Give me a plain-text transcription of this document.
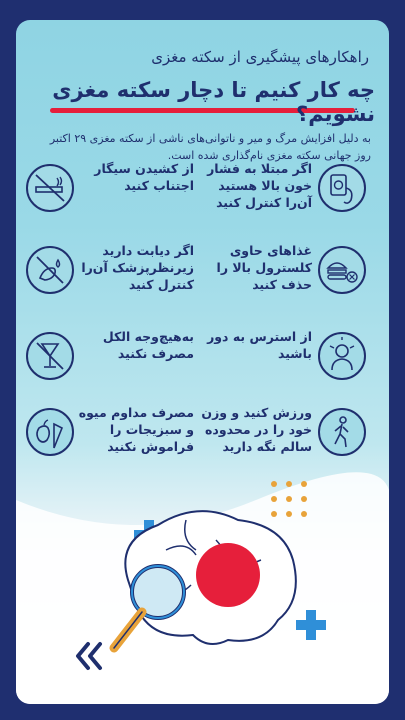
راهکارهای پیشگیری از سکته مغزی
چه کار کنیم تا دچار سکته مغزی نشویم؟
به دلیل افزایش مرگ و میر و ناتوانی‌های ناشی از سکته مغزی ۲۹ اکتبر روز جهانی سکته مغزی نام‌گذاری شده است.
اگر مبتلا به فشار خون بالا هستید آن‌را کنترل کنید
از کشیدن سیگار اجتناب کنید
غذاهای حاوی کلسترول بالا را حذف کنید
اگر دیابت دارید زیرنظرپزشک آن‌را کنترل کنید
از استرس به دور باشید
به‌هیچ‌وجه الکل مصرف نکنید
ورزش کنید و وزن خود را در محدوده سالم نگه دارید
مصرف مداوم میوه و سبزیجات را فراموش نکنید
